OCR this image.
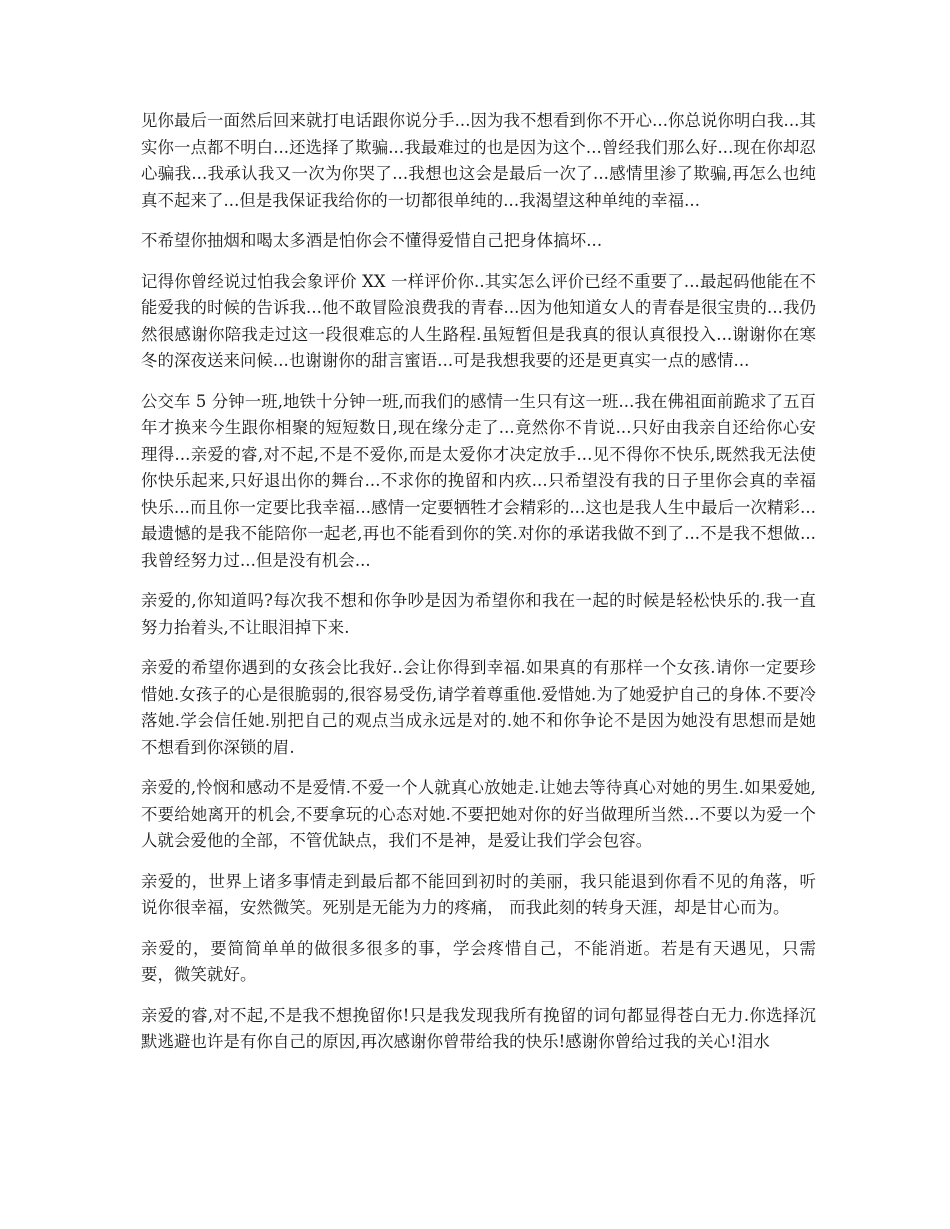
见你最后一面然后回来就打电话跟你说分手...因为我不想看到你不开心...你总说你明白我...其实你一点都不明白...还选择了欺骗...我最难过的也是因为这个...曾经我们那么好...现在你却忍心骗我...我承认我又一次为你哭了...我想也这会是最后一次了...感情里渗了欺骗,再怎么也纯真不起来了...但是我保证我给你的一切都很单纯的...我渴望这种单纯的幸福...

不希望你抽烟和喝太多酒是怕你会不懂得爱惜自己把身体搞坏...

记得你曾经说过怕我会象评价 XX 一样评价你..其实怎么评价已经不重要了...最起码他能在不能爱我的时候的告诉我...他不敢冒险浪费我的青春...因为他知道女人的青春是很宝贵的...我仍然很感谢你陪我走过这一段很难忘的人生路程.虽短暂但是我真的很认真很投入...谢谢你在寒冬的深夜送来问候...也谢谢你的甜言蜜语...可是我想我要的还是更真实一点的感情...

公交车 5 分钟一班,地铁十分钟一班,而我们的感情一生只有这一班...我在佛祖面前跪求了五百年才换来今生跟你相聚的短短数日,现在缘分走了...竟然你不肯说...只好由我亲自还给你心安理得...亲爱的睿,对不起,不是不爱你,而是太爱你才决定放手...见不得你不快乐,既然我无法使你快乐起来,只好退出你的舞台...不求你的挽留和内疚...只希望没有我的日子里你会真的幸福快乐...而且你一定要比我幸福...感情一定要牺牲才会精彩的...这也是我人生中最后一次精彩...最遗憾的是我不能陪你一起老,再也不能看到你的笑.对你的承诺我做不到了...不是我不想做...我曾经努力过...但是没有机会...

亲爱的,你知道吗?每次我不想和你争吵是因为希望你和我在一起的时候是轻松快乐的.我一直努力抬着头,不让眼泪掉下来.

亲爱的希望你遇到的女孩会比我好..会让你得到幸福.如果真的有那样一个女孩.请你一定要珍惜她.女孩子的心是很脆弱的,很容易受伤,请学着尊重他.爱惜她.为了她爱护自己的身体.不要冷落她.学会信任她.别把自己的观点当成永远是对的.她不和你争论不是因为她没有思想而是她不想看到你深锁的眉.

亲爱的,怜悯和感动不是爱情.不爱一个人就真心放她走.让她去等待真心对她的男生.如果爱她,不要给她离开的机会,不要拿玩的心态对她.不要把她对你的好当做理所当然...不要以为爱一个人就会爱他的全部，不管优缺点，我们不是神，是爱让我们学会包容。

亲爱的，世界上诸多事情走到最后都不能回到初时的美丽，我只能退到你看不见的角落，听说你很幸福，安然微笑。死别是无能为力的疼痛， 而我此刻的转身天涯，却是甘心而为。

亲爱的，要简简单单的做很多很多的事，学会疼惜自己，不能消逝。若是有天遇见，只需要，微笑就好。

亲爱的睿,对不起,不是我不想挽留你!只是我发现我所有挽留的词句都显得苍白无力.你选择沉默逃避也许是有你自己的原因,再次感谢你曾带给我的快乐!感谢你曾给过我的关心!泪水
